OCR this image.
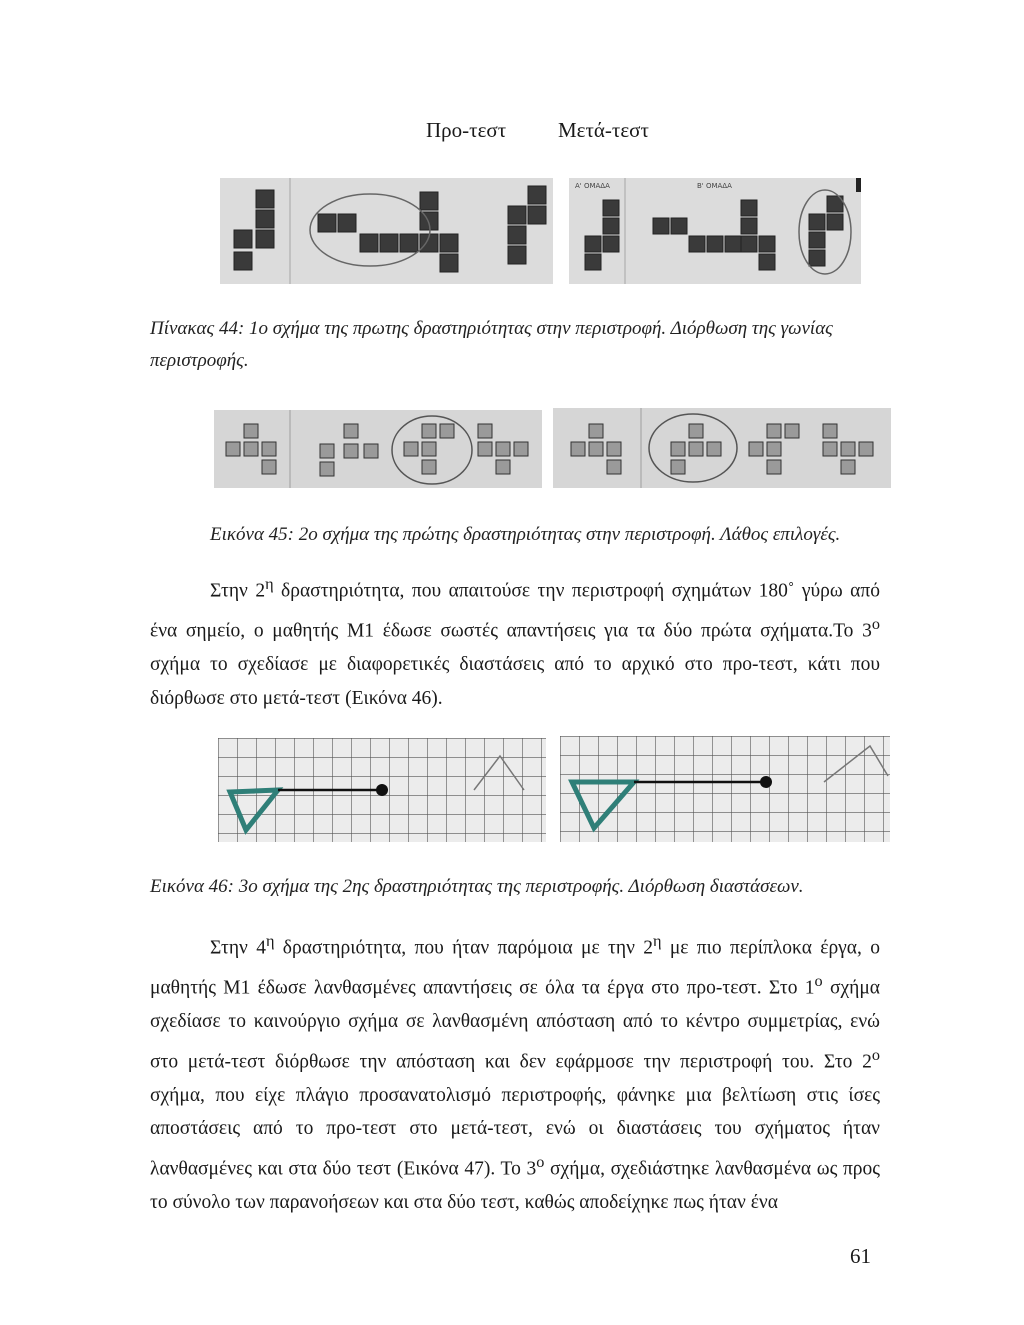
Προ-τεστ Μετά-τεστ
A' ΟΜΑΔΑ	B' ΟΜΑΔΑ
Πίνακας 44: 1ο σχήμα της πρωτης δραστηριότητας στην περιστροφή. Διόρθωση της γωνίας
περιστροφής.
Εικόνα 45: 2ο σχήμα της πρώτης δραστηριότητας στην περιστροφή. Λάθος επιλογές.

Στην $2^\eta$ δραστηριότητα, που απαιτούσε την περιστροφή σχημάτων 180˚ γύρω από ένα σημείο, ο μαθητής Μ1 έδωσε σωστές απαντήσεις για τα δύο πρώτα σχήματα.Το $3^o$ σχήμα το σχεδίασε με διαφορετικές διαστάσεις από το αρχικό στο προ-τεστ, κάτι που διόρθωσε στο μετά-τεστ (Εικόνα 46).

Εικόνα 46: 3ο σχήμα της 2ης δραστηριότητας της περιστροφής. Διόρθωση διαστάσεων.

Στην $4^\eta$ δραστηριότητα, που ήταν παρόμοια με την $2^\eta$ με πιο περίπλοκα έργα, ο μαθητής Μ1 έδωσε λανθασμένες απαντήσεις σε όλα τα έργα στο προ-τεστ. Στο $1^o$ σχήμα σχεδίασε το καινούργιο σχήμα σε λανθασμένη απόσταση από το κέντρο συμμετρίας, ενώ στο μετά-τεστ διόρθωσε την απόσταση και δεν εφάρμοσε την περιστροφή του. Στο $2^o$ σχήμα, που είχε πλάγιο προσανατολισμό περιστροφής, φάνηκε μια βελτίωση στις ίσες αποστάσεις από το προ-τεστ στο μετά-τεστ, ενώ οι διαστάσεις του σχήματος ήταν λανθασμένες και στα δύο τεστ (Εικόνα 47). Το $3^o$ σχήμα, σχεδιάστηκε λανθασμένα ως προς το σύνολο των παρανοήσεων και στα δύο τεστ, καθώς αποδείχηκε πως ήταν ένα

61
